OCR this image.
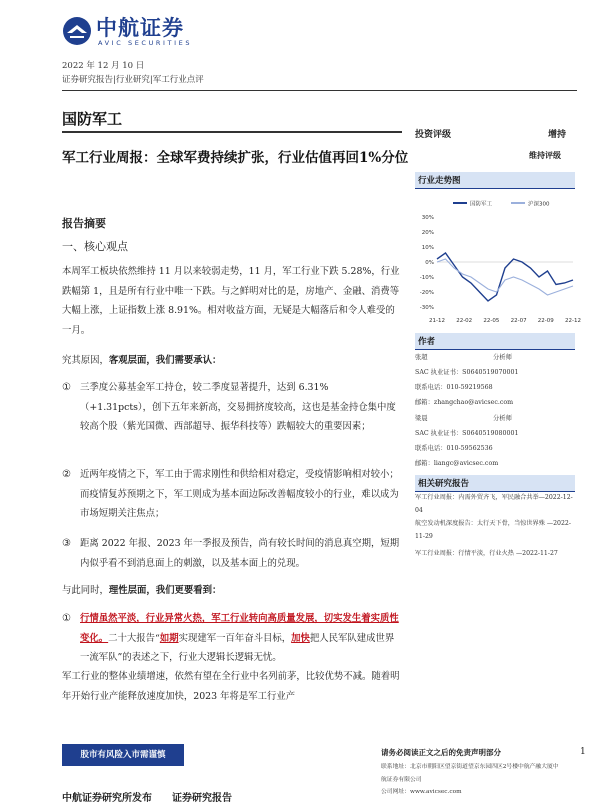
中航证券
AVIC SECURITIES
2022 年 12 月 10 日
证券研究报告|行业研究|军工行业点评
国防军工
军工行业周报：全球军费持续扩张，行业估值再回1%分位
报告摘要
一、核心观点
本周军工板块依然维持 11 月以来较弱走势，11 月，军工行业下跌 5.28%，行业跌幅第 1，且是所有行业中唯一下跌。与之鲜明对比的是，房地产、金融、消费等大幅上涨，上证指数上涨 8.91%。相对收益方面，无疑是大幅落后和令人难受的一月。
究其原因，客观层面，我们需要承认：
① 三季度公募基金军工持仓，较二季度显著提升，达到 6.31%（+1.31pcts），创下五年来新高，交易拥挤度较高，这也是基金持仓集中度较高个股（紫光国微、西部超导、振华科技等）跌幅较大的重要因素；
② 近两年疫情之下，军工由于需求刚性和供给相对稳定，受疫情影响相对较小；而疫情复苏预期之下，军工则成为基本面边际改善幅度较小的行业，难以成为市场短期关注焦点；
③ 距离 2022 年报、2023 年一季报及预告，尚有较长时间的消息真空期，短期内似乎看不到消息面上的刺激，以及基本面上的兑现。
与此同时，理性层面，我们更要看到：
① 行情虽然平淡，行业异常火热，军工行业转向高质量发展，切实发生着实质性变化。二十大报告“如期实现建军一百年奋斗目标，加快把人民军队建成世界一流军队”的表述之下，行业大逻辑长逻辑无忧。
军工行业的整体业绩增速，依然有望在全行业中名列前茅，比较优势不减。随着明年开始行业产能释放速度加快，2023 年将是军工行业产
投资评级	增持
维持评级
行业走势图
国防军工	沪深300
30%
20%
10%
0%
-10%
-20%
-30%
21-12 22-02 22-05 22-07 22-09 22-12
作者
张超	分析师
SAC 执业证书：S0640519070001
联系电话：010-59219568
邮箱：zhangchao@avicsec.com
梁晨	分析师
SAC 执业证书：S0640519080001
联系电话：010-59562536
邮箱：liangc@avicsec.com
相关研究报告
军工行业周报：内需外贸齐飞，军民融合共举—2022-12-04
航空发动机深度报告：太行天下骨，当惊世界殊 —2022-11-29
军工行业周报：行情平淡，行业火热 —2022-11-27
股市有风险入市需谨慎	请务必阅读正文之后的免责声明部分
联系地址：北京市朝阳区望京街道望京东园四区2号楼中航产融大厦中航证券有限公司
公司网址：www.avicsec.com
1
中航证券研究所发布　　证券研究报告
